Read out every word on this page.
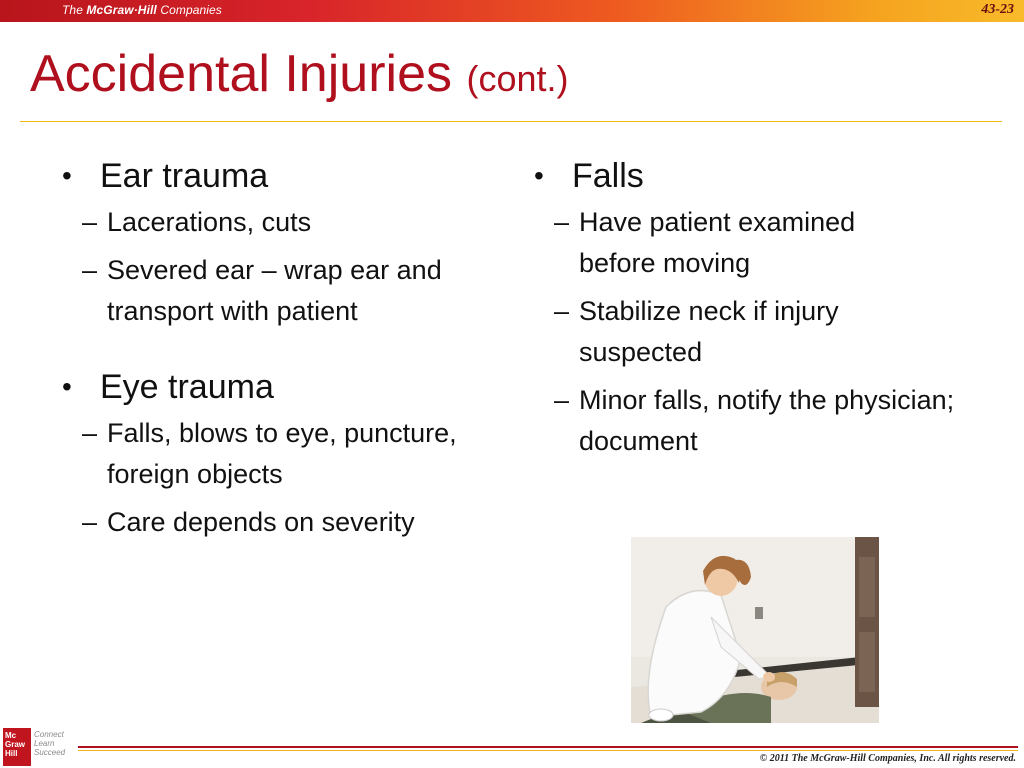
The McGraw·Hill Companies	43-23
Accidental Injuries (cont.)
• Ear trauma
– Lacerations, cuts
– Severed ear – wrap ear and transport with patient
• Eye trauma
– Falls, blows to eye, puncture, foreign objects
– Care depends on severity
• Falls
– Have patient examined before moving
– Stabilize neck if injury suspected
– Minor falls, notify the physician; document
Mc
Graw
Hill
Connect
Learn
Succeed
© 2011 The McGraw-Hill Companies, Inc. All rights reserved.
